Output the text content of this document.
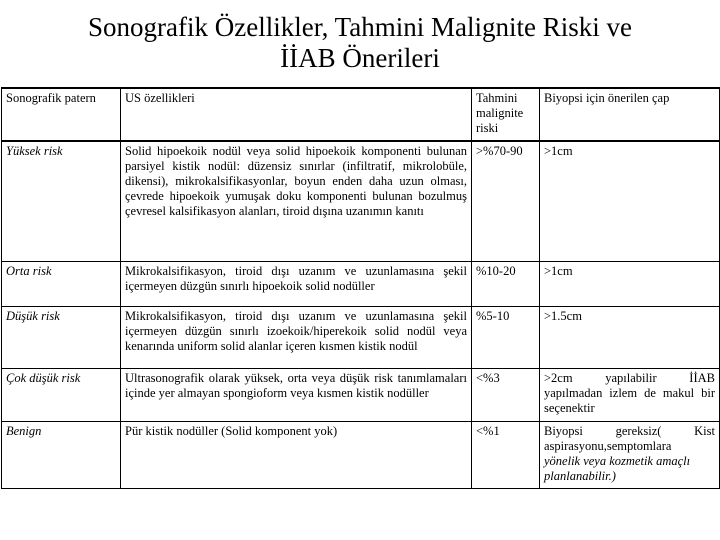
Sonografik Özellikler, Tahmini Malignite Riski ve
İİAB Önerileri
Sonografik patern	US özellikleri	Tahmini malignite riski	Biyopsi için önerilen çap
Yüksek risk	Solid hipoekoik nodül veya solid hipoekoik komponenti bulunan parsiyel kistik nodül: düzensiz sınırlar (infiltratif, mikrolobüle, dikensi), mikrokalsifikasyonlar, boyun enden daha uzun olması, çevrede hipoekoik yumuşak doku komponenti bulunan bozulmuş çevresel kalsifikasyon alanları, tiroid dışına uzanımın kanıtı	>%70-90	>1cm
Orta risk	Mikrokalsifikasyon, tiroid dışı uzanım ve uzunlamasına şekil içermeyen düzgün sınırlı hipoekoik solid nodüller	%10-20	>1cm
Düşük risk	Mikrokalsifikasyon, tiroid dışı uzanım ve uzunlamasına şekil içermeyen düzgün sınırlı izoekoik/hiperekoik solid nodül veya kenarında uniform solid alanlar içeren kısmen kistik nodül	%5-10	>1.5cm
Çok düşük risk	Ultrasonografik olarak yüksek, orta veya düşük risk tanımlamaları içinde yer almayan spongioform veya kısmen kistik nodüller	<%3	>2cm yapılabilir İİAB yapılmadan izlem de makul bir seçenektir
Benign	Pür kistik nodüller (Solid komponent yok)	<%1	Biyopsi gereksiz( Kist aspirasyonu,semptomlara
yönelik veya kozmetik amaçlı planlanabilir.)
